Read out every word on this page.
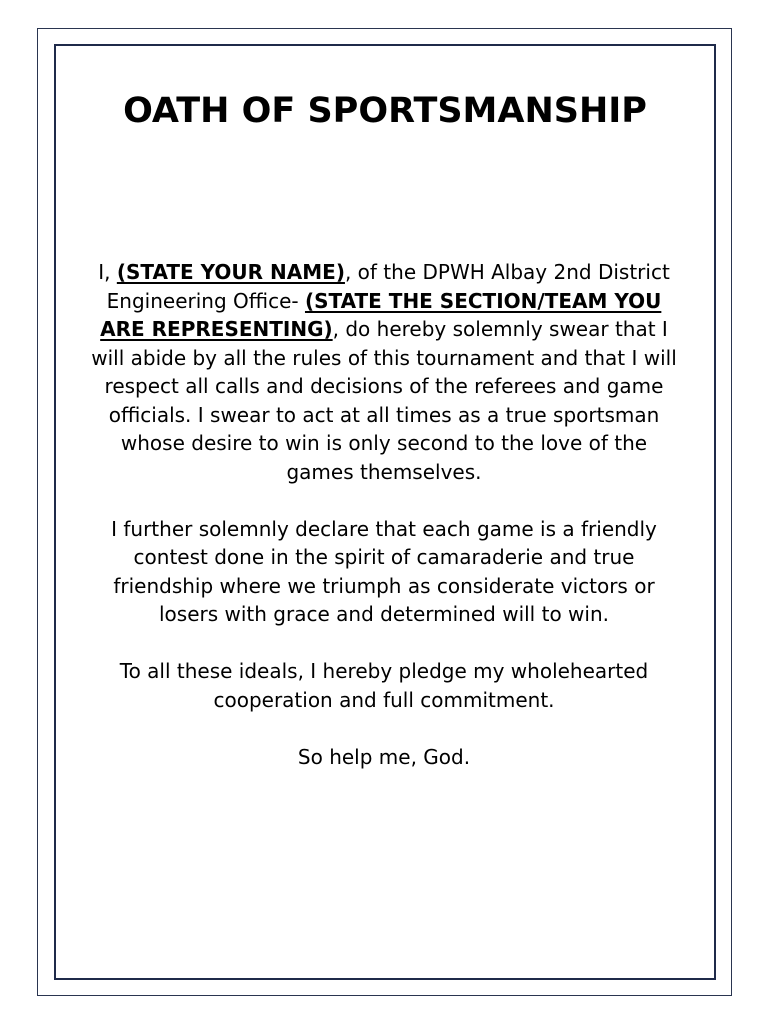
OATH OF SPORTSMANSHIP

I, (STATE YOUR NAME), of the DPWH Albay 2nd District Engineering Office- (STATE THE SECTION/TEAM YOU ARE REPRESENTING), do hereby solemnly swear that I will abide by all the rules of this tournament and that I will respect all calls and decisions of the referees and game officials. I swear to act at all times as a true sportsman whose desire to win is only second to the love of the games themselves.

I further solemnly declare that each game is a friendly contest done in the spirit of camaraderie and true friendship where we triumph as considerate victors or losers with grace and determined will to win.

To all these ideals, I hereby pledge my wholehearted cooperation and full commitment.

So help me, God.
